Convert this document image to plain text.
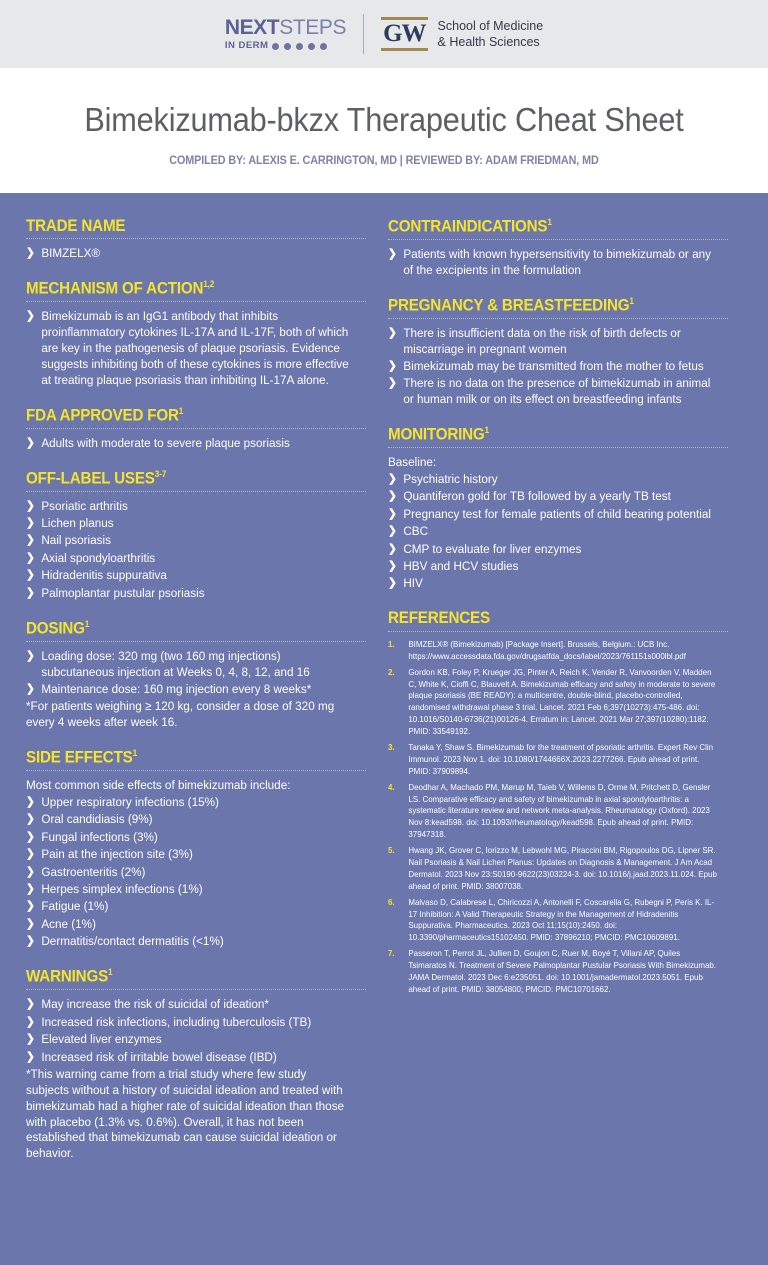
NEXTSTEPS
IN DERM	GW School of Medicine
& Health Sciences
Bimekizumab-bkzx Therapeutic Cheat Sheet
COMPILED BY: ALEXIS E. CARRINGTON, MD | REVIEWED BY: ADAM FRIEDMAN, MD
TRADE NAME
❯ BIMZELX®
MECHANISM OF ACTION$^{1,2}$
❯ Bimekizumab is an IgG1 antibody that inhibits proinflammatory cytokines IL-17A and IL-17F, both of which are key in the pathogenesis of plaque psoriasis. Evidence suggests inhibiting both of these cytokines is more effective at treating plaque psoriasis than inhibiting IL-17A alone.
FDA APPROVED FOR$^1$
❯ Adults with moderate to severe plaque psoriasis
OFF-LABEL USES$^{3-7}$
❯ Psoriatic arthritis
❯ Lichen planus
❯ Nail psoriasis
❯ Axial spondyloarthritis
❯ Hidradenitis suppurativa
❯ Palmoplantar pustular psoriasis
DOSING$^1$
❯ Loading dose: 320 mg (two 160 mg injections) subcutaneous injection at Weeks 0, 4, 8, 12, and 16
❯ Maintenance dose: 160 mg injection every 8 weeks*
*For patients weighing ≥ 120 kg, consider a dose of 320 mg every 4 weeks after week 16.
SIDE EFFECTS$^1$
Most common side effects of bimekizumab include:
❯ Upper respiratory infections (15%)
❯ Oral candidiasis (9%)
❯ Fungal infections (3%)
❯ Pain at the injection site (3%)
❯ Gastroenteritis (2%)
❯ Herpes simplex infections (1%)
❯ Fatigue (1%)
❯ Acne (1%)
❯ Dermatitis/contact dermatitis (<1%)
WARNINGS$^1$
❯ May increase the risk of suicidal of ideation*
❯ Increased risk infections, including tuberculosis (TB)
❯ Elevated liver enzymes
❯ Increased risk of irritable bowel disease (IBD)
*This warning came from a trial study where few study subjects without a history of suicidal ideation and treated with bimekizumab had a higher rate of suicidal ideation than those with placebo (1.3% vs. 0.6%). Overall, it has not been established that bimekizumab can cause suicidal ideation or behavior.
CONTRAINDICATIONS$^1$
❯ Patients with known hypersensitivity to bimekizumab or any of the excipients in the formulation
PREGNANCY & BREASTFEEDING$^1$
❯ There is insufficient data on the risk of birth defects or miscarriage in pregnant women
❯ Bimekizumab may be transmitted from the mother to fetus
❯ There is no data on the presence of bimekizumab in animal or human milk or on its effect on breastfeeding infants
MONITORING$^1$
Baseline:
❯ Psychiatric history
❯ Quantiferon gold for TB followed by a yearly TB test
❯ Pregnancy test for female patients of child bearing potential
❯ CBC
❯ CMP to evaluate for liver enzymes
❯ HBV and HCV studies
❯ HIV
REFERENCES
1.	BIMZELX® (Bimekizumab) [Package Insert]. Brussels, Belgium.: UCB Inc. https://www.accessdata.fda.gov/drugsatfda_docs/label/2023/761151s000lbl.pdf
2.	Gordon KB, Foley P, Krueger JG, Pinter A, Reich K, Vender R, Vanvoorden V, Madden C, White K, Cioffi C, Blauvelt A. Bimekizumab efficacy and safety in moderate to severe plaque psoriasis (BE READY): a multicentre, double-blind, placebo-controlled, randomised withdrawal phase 3 trial. Lancet. 2021 Feb 6;397(10273):475-486. doi: 10.1016/S0140-6736(21)00126-4. Erratum in: Lancet. 2021 Mar 27;397(10280):1182. PMID: 33549192.
3.	Tanaka Y, Shaw S. Bimekizumab for the treatment of psoriatic arthritis. Expert Rev Clin Immunol. 2023 Nov 1. doi: 10.1080/1744666X.2023.2277266. Epub ahead of print. PMID: 37909894.
4.	Deodhar A, Machado PM, Mørup M, Taieb V, Willems D, Orme M, Pritchett D, Gensler LS. Comparative efficacy and safety of bimekizumab in axial spondyloarthritis: a systematic literature review and network meta-analysis. Rheumatology (Oxford). 2023 Nov 8:kead598. doi: 10.1093/rheumatology/kead598. Epub ahead of print. PMID: 37947318.
5.	Hwang JK, Grover C, Iorizzo M, Lebwohl MG, Piraccini BM, Rigopoulos DG, Lipner SR. Nail Psoriasis & Nail Lichen Planus: Updates on Diagnosis & Management. J Am Acad Dermatol. 2023 Nov 23:S0190-9622(23)03224-3. doi: 10.1016/j.jaad.2023.11.024. Epub ahead of print. PMID: 38007038.
6.	Malvaso D, Calabrese L, Chiricozzi A, Antonelli F, Coscarella G, Rubegni P, Peris K. IL-17 Inhibition: A Valid Therapeutic Strategy in the Management of Hidradenitis Suppurativa. Pharmaceutics. 2023 Oct 11;15(10):2450. doi: 10.3390/pharmaceutics15102450. PMID: 37896210; PMCID: PMC10609891.
7.	Passeron T, Perrot JL, Jullien D, Goujon C, Ruer M, Boyé T, Villani AP, Quiles Tsimaratos N. Treatment of Severe Palmoplantar Pustular Psoriasis With Bimekizumab. JAMA Dermatol. 2023 Dec 6:e235051. doi: 10.1001/jamadermatol.2023.5051. Epub ahead of print. PMID: 38054800; PMCID: PMC10701662.
